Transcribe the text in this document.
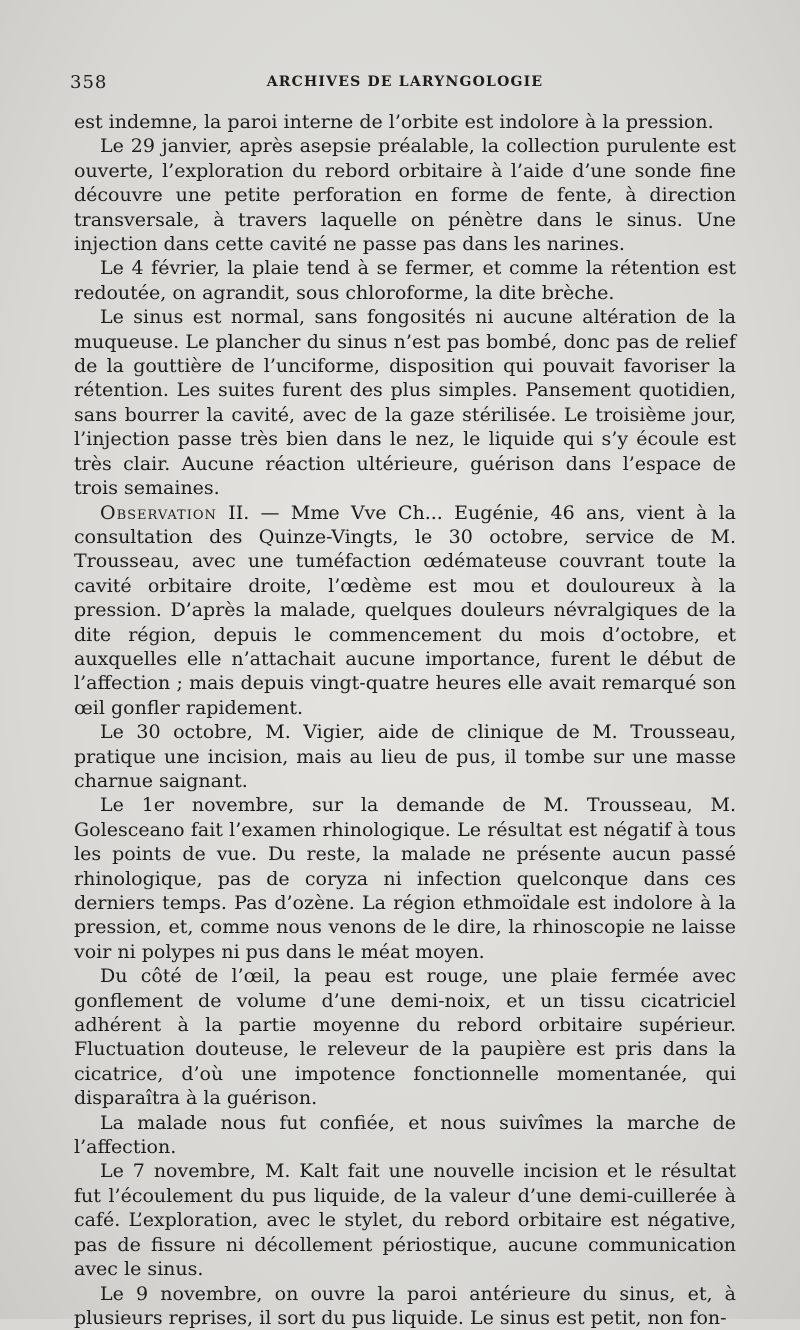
358	ARCHIVES DE LARYNGOLOGIE

est indemne, la paroi interne de l’orbite est indolore à la pression.

Le 29 janvier, après asepsie préalable, la collection purulente est ouverte, l’exploration du rebord orbitaire à l’aide d’une sonde fine découvre une petite perforation en forme de fente, à direction transversale, à travers laquelle on pénètre dans le sinus. Une injection dans cette cavité ne passe pas dans les narines.

Le 4 février, la plaie tend à se fermer, et comme la rétention est redoutée, on agrandit, sous chloroforme, la dite brèche.

Le sinus est normal, sans fongosités ni aucune altération de la muqueuse. Le plancher du sinus n’est pas bombé, donc pas de relief de la gouttière de l’unciforme, disposition qui pouvait favoriser la rétention. Les suites furent des plus simples. Pansement quotidien, sans bourrer la cavité, avec de la gaze stérilisée. Le troisième jour, l’injection passe très bien dans le nez, le liquide qui s’y écoule est très clair. Aucune réaction ultérieure, guérison dans l’espace de trois semaines.

Observation II. — Mme Vve Ch... Eugénie, 46 ans, vient à la consultation des Quinze-Vingts, le 30 octobre, service de M. Trousseau, avec une tuméfaction œdémateuse couvrant toute la cavité orbitaire droite, l’œdème est mou et douloureux à la pression. D’après la malade, quelques douleurs névralgiques de la dite région, depuis le commencement du mois d’octobre, et auxquelles elle n’attachait aucune importance, furent le début de l’affection ; mais depuis vingt-quatre heures elle avait remarqué son œil gonfler rapidement.

Le 30 octobre, M. Vigier, aide de clinique de M. Trousseau, pratique une incision, mais au lieu de pus, il tombe sur une masse charnue saignant.

Le 1er novembre, sur la demande de M. Trousseau, M. Golesceano fait l’examen rhinologique. Le résultat est négatif à tous les points de vue. Du reste, la malade ne présente aucun passé rhinologique, pas de coryza ni infection quelconque dans ces derniers temps. Pas d’ozène. La région ethmoïdale est indolore à la pression, et, comme nous venons de le dire, la rhinoscopie ne laisse voir ni polypes ni pus dans le méat moyen.

Du côté de l’œil, la peau est rouge, une plaie fermée avec gonflement de volume d’une demi-noix, et un tissu cicatriciel adhérent à la partie moyenne du rebord orbitaire supérieur. Fluctuation douteuse, le releveur de la paupière est pris dans la cicatrice, d’où une impotence fonctionnelle momentanée, qui disparaîtra à la guérison.

La malade nous fut confiée, et nous suivîmes la marche de l’affection.

Le 7 novembre, M. Kalt fait une nouvelle incision et le résultat fut l’écoulement du pus liquide, de la valeur d’une demi-cuillerée à café. L’exploration, avec le stylet, du rebord orbitaire est négative, pas de fissure ni décollement périostique, aucune communication avec le sinus.

Le 9 novembre, on ouvre la paroi antérieure du sinus, et, à plusieurs reprises, il sort du pus liquide. Le sinus est petit, non fon-
